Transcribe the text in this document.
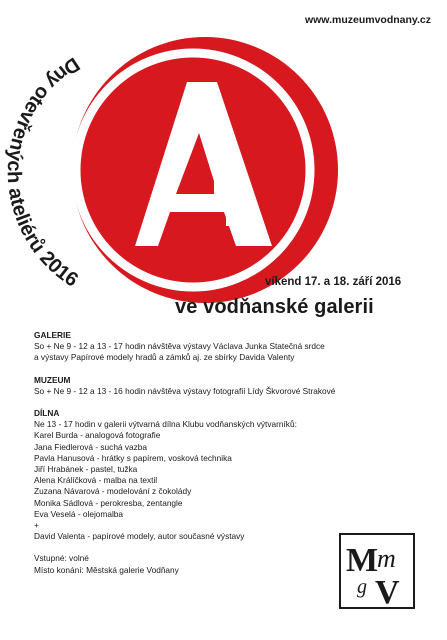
www.muzeumvodnany.cz
Dny otevřených ateliérů 2016	víkend 17. a 18. září 2016
ve vodňanské galerii
GALERIE
So + Ne 9 - 12 a 13 - 17 hodin návštěva výstavy Václava Junka Statečná srdce
a výstavy Papírové modely hradů a zámků aj. ze sbírky Davida Valenty
MUZEUM
So + Ne 9 - 12 a 13 - 16 hodin návštěva výstavy fotografií Lídy Škvorové Strakové
DÍLNA
Ne 13 - 17 hodin v galerii výtvarná dílna Klubu vodňanských výtvarníků:
Karel Burda - analogová fotografie
Jana Fiedlerová - suchá vazba
Pavla Hanusová - hrátky s papírem, vosková technika
Jiří Hrabánek - pastel, tužka
Alena Králíčková - malba na textil
Zuzana Návarová - modelování z čokolády
Monika Sádlová - perokresba, zentangle
Eva Veselá - olejomalba
+
David Valenta - papírové modely, autor současné výstavy
Vstupné: volné
Místo konání: Městská galerie Vodňany	M
m
g V
